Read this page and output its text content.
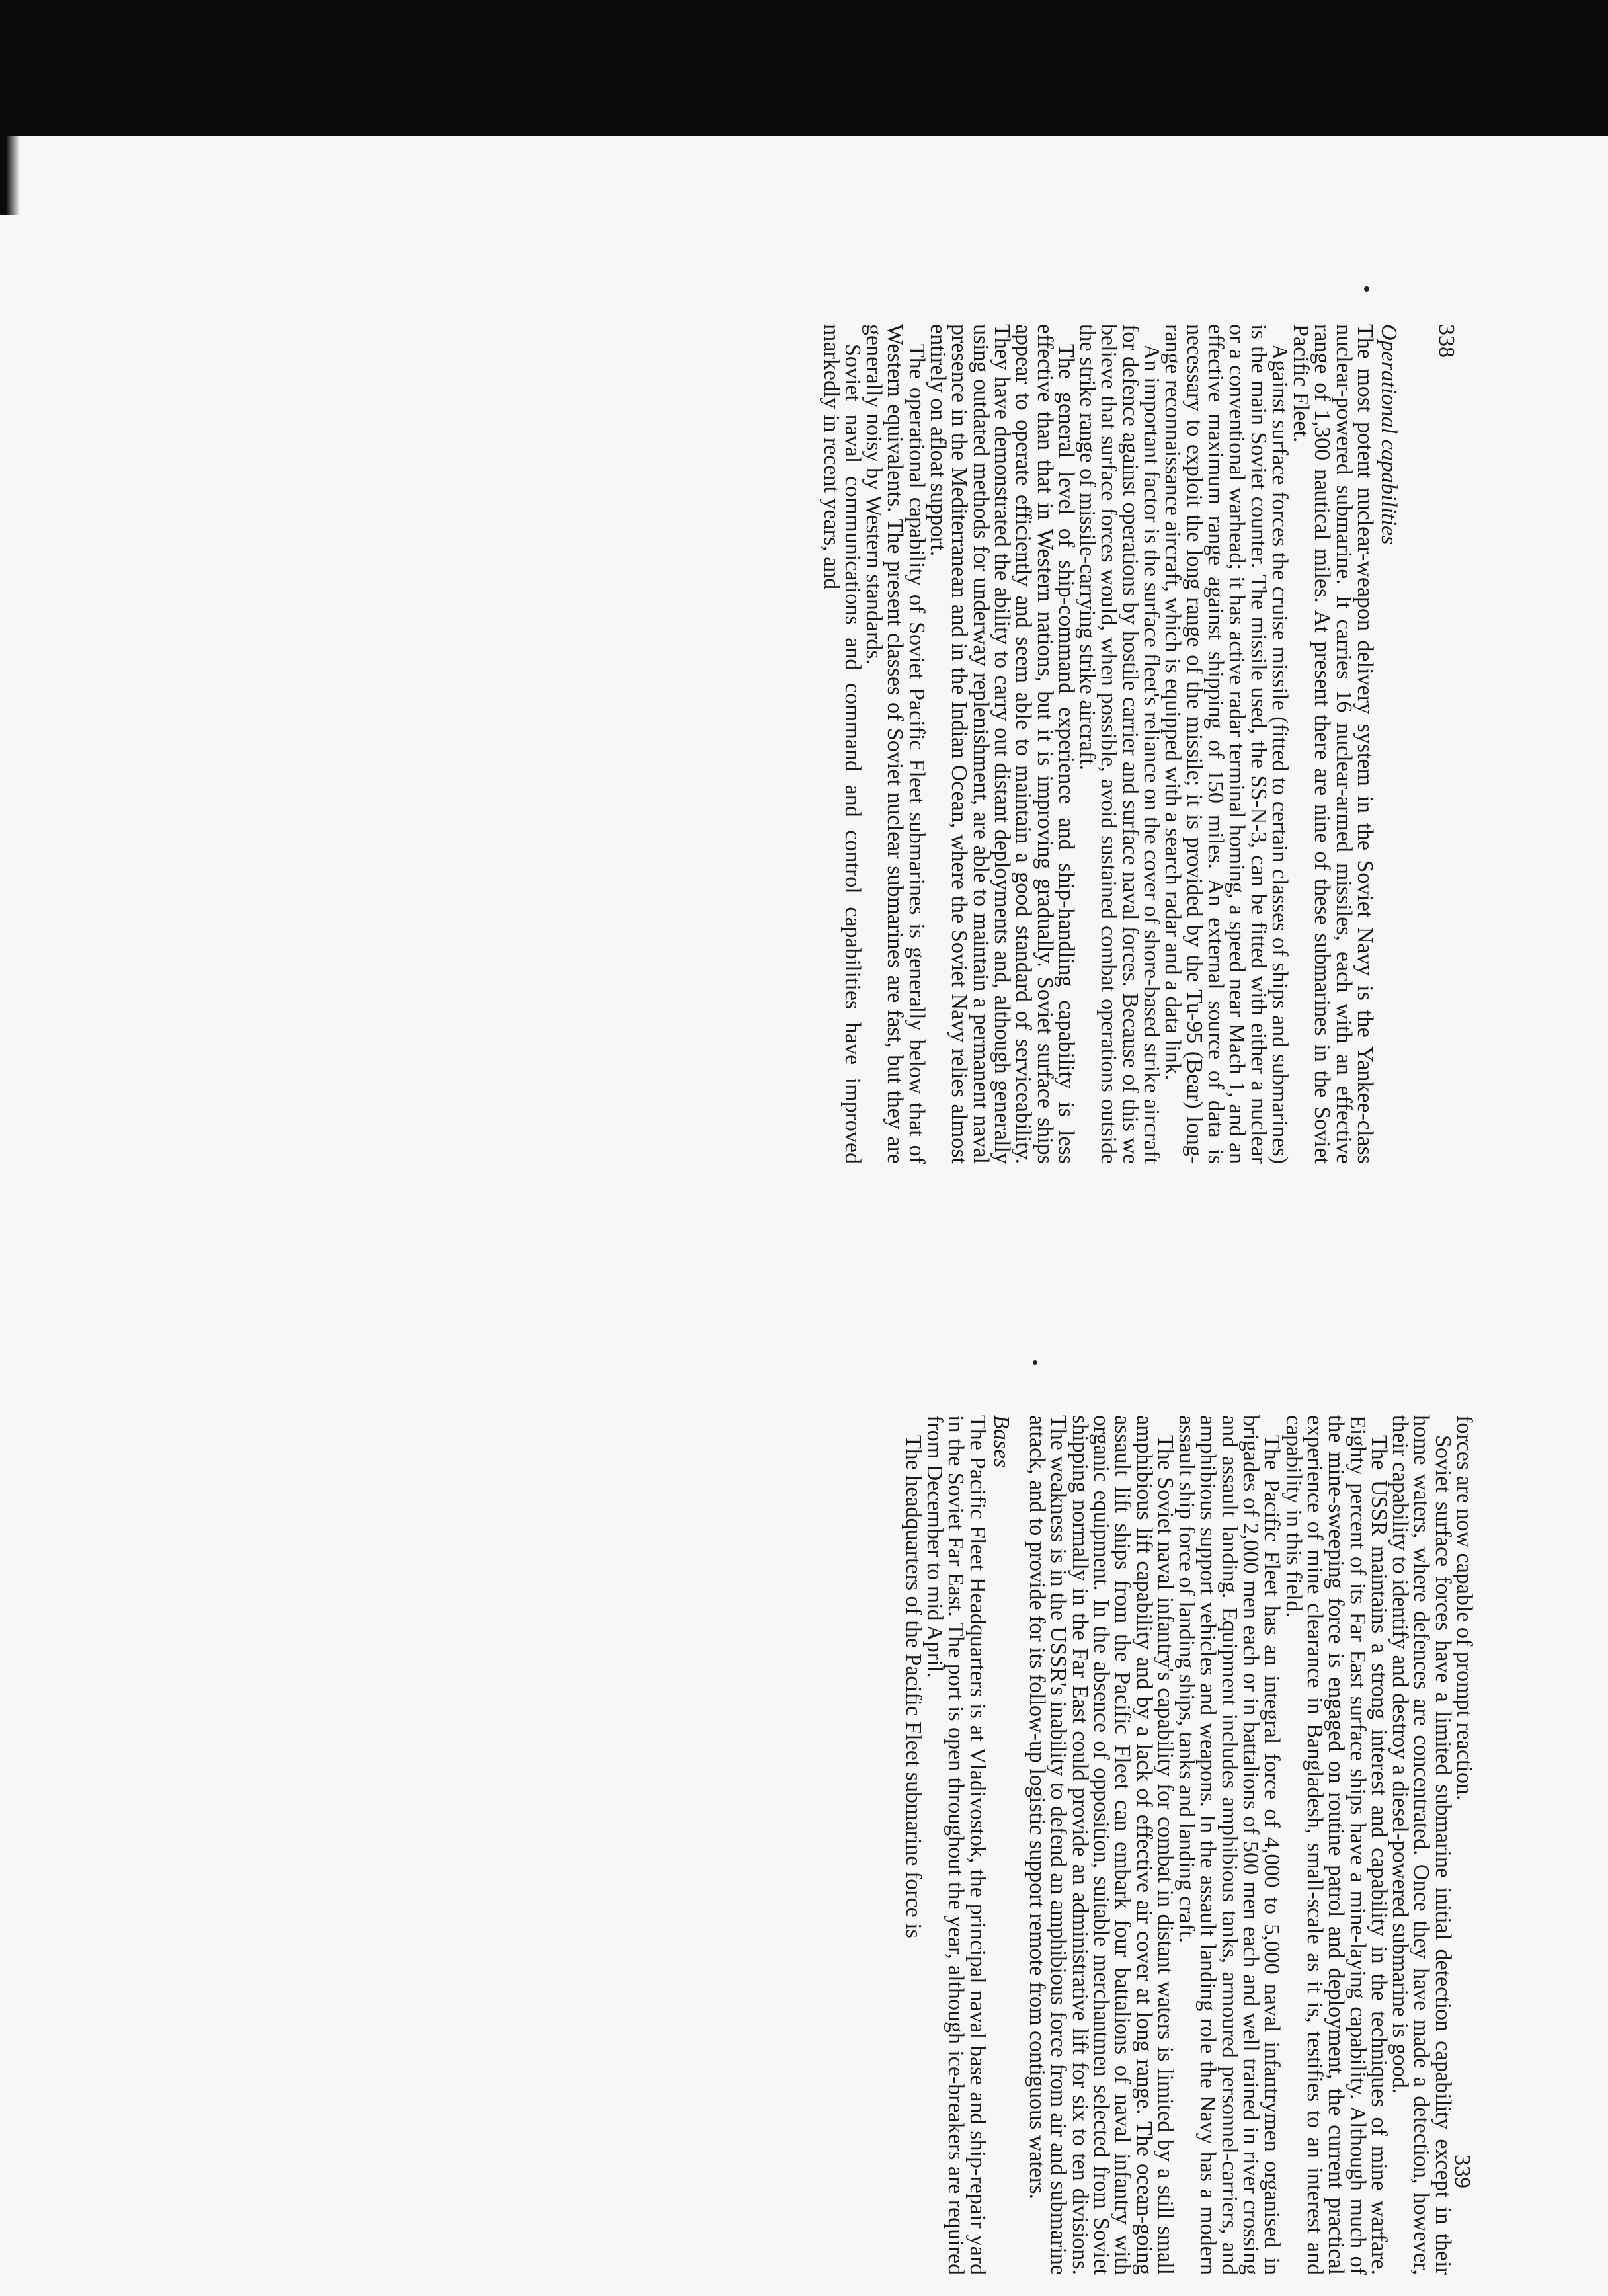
338

Operational capabilities

The most potent nuclear-weapon delivery system in the Soviet Navy is the Yankee-class nuclear-powered submarine. It carries 16 nuclear-armed missiles, each with an effective range of 1,300 nautical miles. At present there are nine of these submarines in the Soviet Pacific Fleet.

Against surface forces the cruise missile (fitted to certain classes of ships and submarines) is the main Soviet counter. The missile used, the SS-N-3, can be fitted with either a nuclear or a conventional warhead; it has active radar terminal homing, a speed near Mach 1, and an effective maximum range against shipping of 150 miles. An external source of data is necessary to exploit the long range of the missile; it is provided by the Tu-95 (Bear) long-range reconnaissance aircraft, which is equipped with a search radar and a data link.

An important factor is the surface fleet's reliance on the cover of shore-based strike aircraft for defence against operations by hostile carrier and surface naval forces. Because of this we believe that surface forces would, when possible, avoid sustained combat operations outside the strike range of missile-carrying strike aircraft.

The general level of ship-command experience and ship-handling capability is less effective than that in Western nations, but it is improving gradually. Soviet surface ships appear to operate efficiently and seem able to maintain a good standard of serviceability. They have demonstrated the ability to carry out distant deployments and, although generally using outdated methods for underway replenishment, are able to maintain a permanent naval presence in the Mediterranean and in the Indian Ocean, where the Soviet Navy relies almost entirely on afloat support.

The operational capability of Soviet Pacific Fleet submarines is generally below that of Western equivalents. The present classes of Soviet nuclear submarines are fast, but they are generally noisy by Western standards.

Soviet naval communications and command and control capabilities have improved markedly in recent years, and

forces are now capable of prompt reaction.

Soviet surface forces have a limited submarine initial detection capability except in their home waters, where defences are concentrated. Once they have made a detection, however, their capability to identify and destroy a diesel-powered submarine is good.

The USSR maintains a strong interest and capability in the techniques of mine warfare. Eighty percent of its Far East surface ships have a mine-laying capability. Although much of the mine-sweeping force is engaged on routine patrol and deployment, the current practical experience of mine clearance in Bangladesh, small-scale as it is, testifies to an interest and capability in this field.

The Pacific Fleet has an integral force of 4,000 to 5,000 naval infantrymen organised in brigades of 2,000 men each or in battalions of 500 men each and well trained in river crossing and assault landing. Equipment includes amphibious tanks, armoured personnel-carriers, and amphibious support vehicles and weapons. In the assault landing role the Navy has a modern assault ship force of landing ships, tanks and landing craft.

The Soviet naval infantry's capability for combat in distant waters is limited by a still small amphibious lift capability and by a lack of effective air cover at long range. The ocean-going assault lift ships from the Pacific Fleet can embark four battalions of naval infantry with organic equipment. In the absence of opposition, suitable merchantmen selected from Soviet shipping normally in the Far East could provide an administrative lift for six to ten divisions. The weakness is in the USSR's inability to defend an amphibious force from air and submarine attack, and to provide for its follow-up logistic support remote from contiguous waters.

Bases

The Pacific Fleet Headquarters is at Vladivostok, the principal naval base and ship-repair yard in the Soviet Far East. The port is open throughout the year, although ice-breakers are required from December to mid April.

The headquarters of the Pacific Fleet submarine force is

339
